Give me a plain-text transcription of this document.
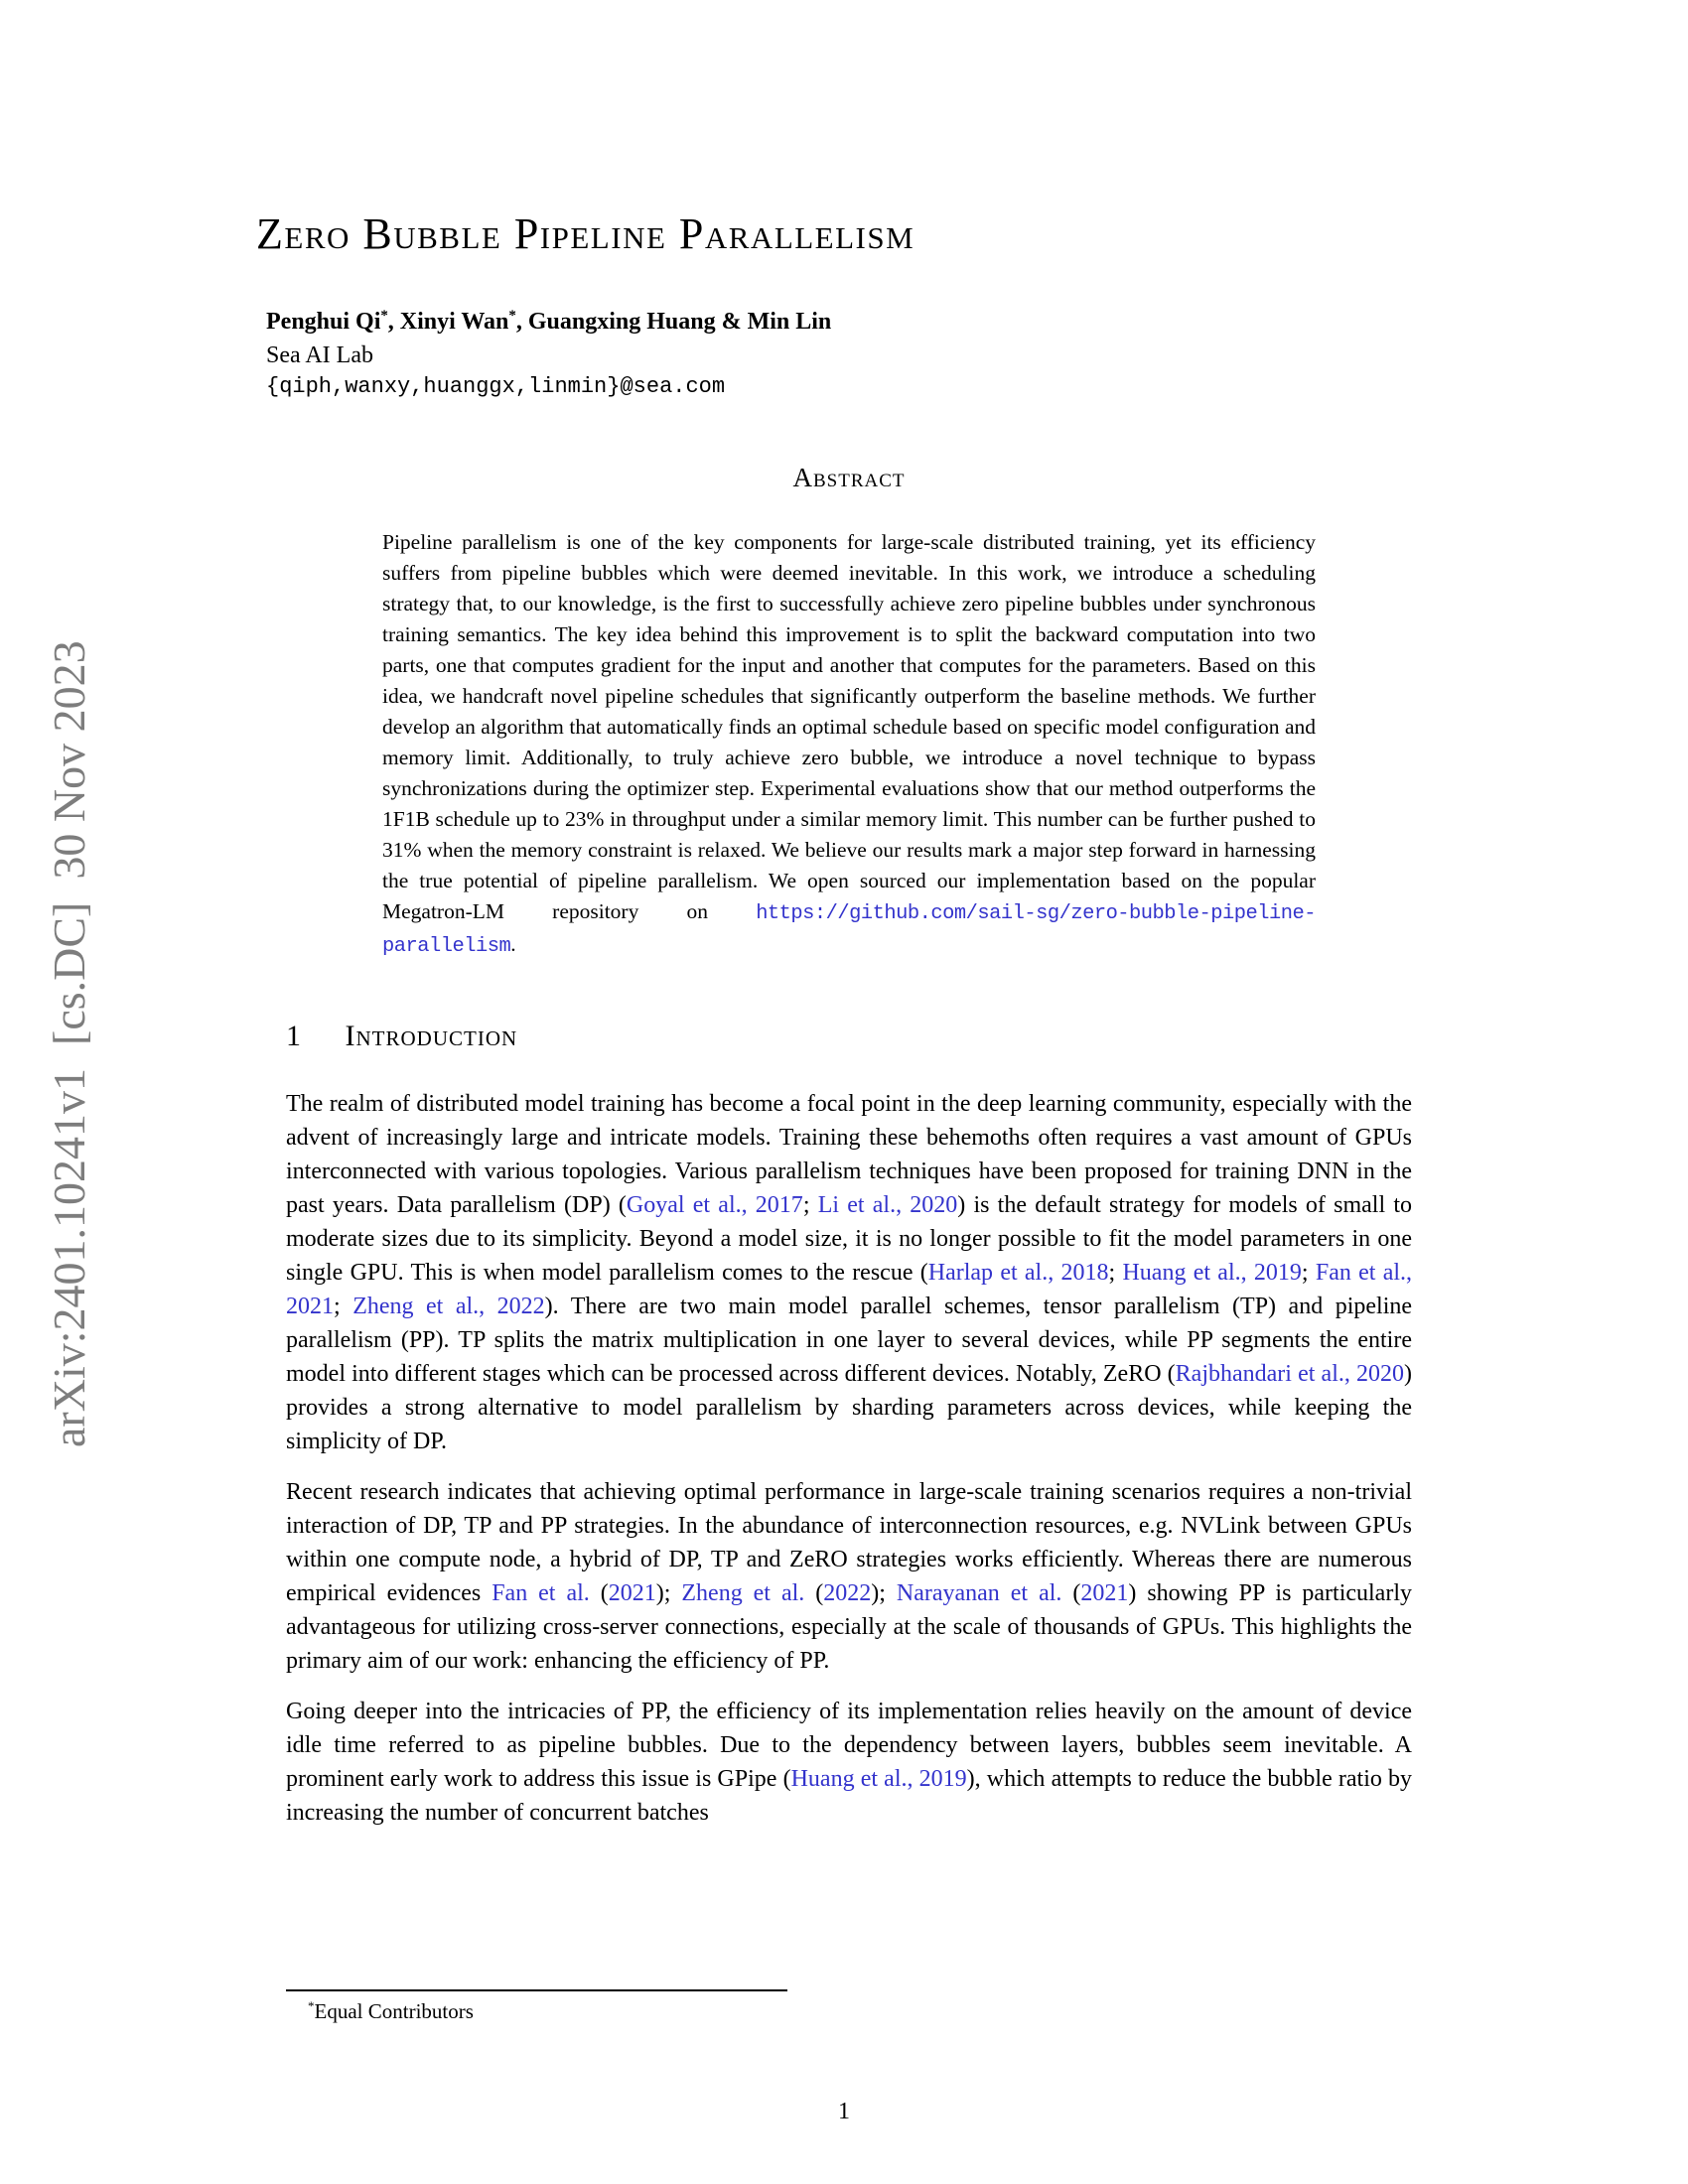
arXiv:2401.10241v1  [cs.DC]  30 Nov 2023
Zero Bubble Pipeline Parallelism
Penghui Qi*, Xinyi Wan*, Guangxing Huang & Min Lin
Sea AI Lab
{qiph,wanxy,huanggx,linmin}@sea.com
Abstract

Pipeline parallelism is one of the key components for large-scale distributed training, yet its efficiency suffers from pipeline bubbles which were deemed inevitable. In this work, we introduce a scheduling strategy that, to our knowledge, is the first to successfully achieve zero pipeline bubbles under synchronous training semantics. The key idea behind this improvement is to split the backward computation into two parts, one that computes gradient for the input and another that computes for the parameters. Based on this idea, we handcraft novel pipeline schedules that significantly outperform the baseline methods. We further develop an algorithm that automatically finds an optimal schedule based on specific model configuration and memory limit. Additionally, to truly achieve zero bubble, we introduce a novel technique to bypass synchronizations during the optimizer step. Experimental evaluations show that our method outperforms the 1F1B schedule up to 23% in throughput under a similar memory limit. This number can be further pushed to 31% when the memory constraint is relaxed. We believe our results mark a major step forward in harnessing the true potential of pipeline parallelism. We open sourced our implementation based on the popular Megatron-LM repository on https://github.com/sail-sg/zero-bubble-pipeline-parallelism.

1 Introduction

The realm of distributed model training has become a focal point in the deep learning community, especially with the advent of increasingly large and intricate models. Training these behemoths often requires a vast amount of GPUs interconnected with various topologies. Various parallelism techniques have been proposed for training DNN in the past years. Data parallelism (DP) (Goyal et al., 2017; Li et al., 2020) is the default strategy for models of small to moderate sizes due to its simplicity. Beyond a model size, it is no longer possible to fit the model parameters in one single GPU. This is when model parallelism comes to the rescue (Harlap et al., 2018; Huang et al., 2019; Fan et al., 2021; Zheng et al., 2022). There are two main model parallel schemes, tensor parallelism (TP) and pipeline parallelism (PP). TP splits the matrix multiplication in one layer to several devices, while PP segments the entire model into different stages which can be processed across different devices. Notably, ZeRO (Rajbhandari et al., 2020) provides a strong alternative to model parallelism by sharding parameters across devices, while keeping the simplicity of DP.

Recent research indicates that achieving optimal performance in large-scale training scenarios requires a non-trivial interaction of DP, TP and PP strategies. In the abundance of interconnection resources, e.g. NVLink between GPUs within one compute node, a hybrid of DP, TP and ZeRO strategies works efficiently. Whereas there are numerous empirical evidences Fan et al. (2021); Zheng et al. (2022); Narayanan et al. (2021) showing PP is particularly advantageous for utilizing cross-server connections, especially at the scale of thousands of GPUs. This highlights the primary aim of our work: enhancing the efficiency of PP.

Going deeper into the intricacies of PP, the efficiency of its implementation relies heavily on the amount of device idle time referred to as pipeline bubbles. Due to the dependency between layers, bubbles seem inevitable. A prominent early work to address this issue is GPipe (Huang et al., 2019), which attempts to reduce the bubble ratio by increasing the number of concurrent batches

*Equal Contributors
1
